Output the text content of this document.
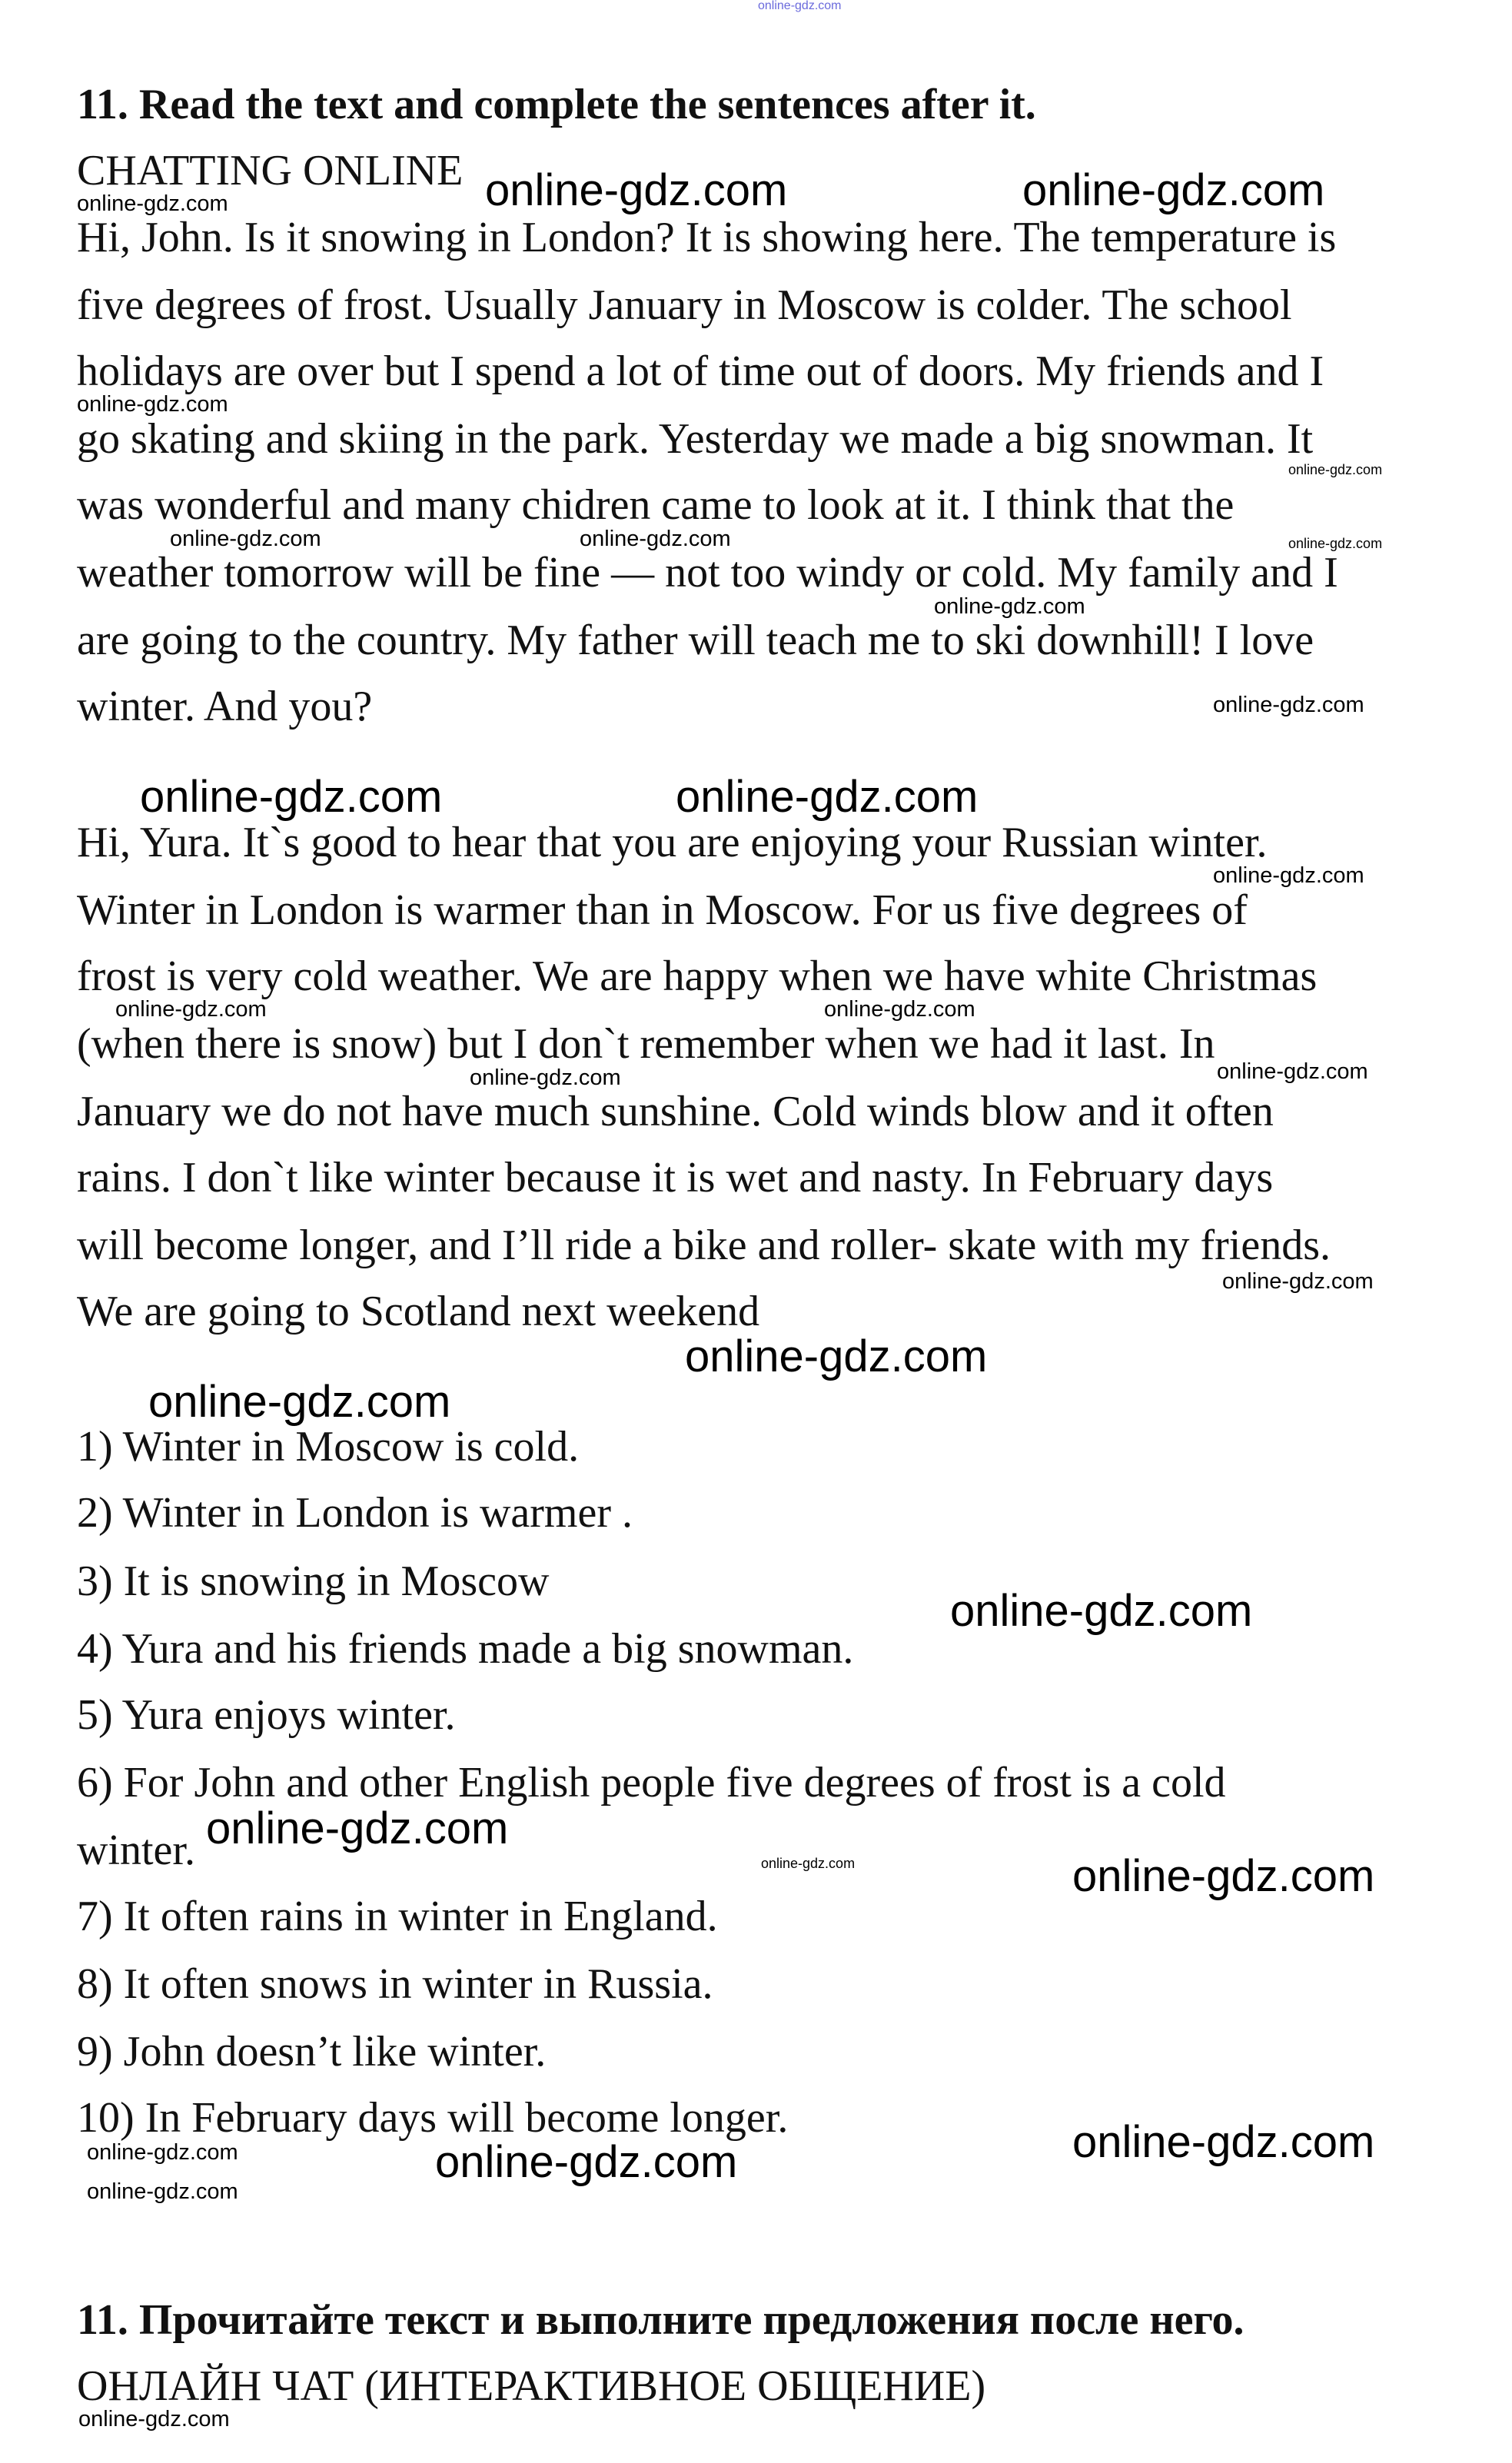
11. Read the text and complete the sentences after it.
CHATTING ONLINE
Hi, John. Is it snowing in London? It is showing here. The temperature is
five degrees of frost. Usually January in Moscow is colder. The school
holidays are over but I spend a lot of time out of doors. My friends and I
go skating and skiing in the park. Yesterday we made a big snowman. It
was wonderful and many chidren came to look at it. I think that the
weather tomorrow will be fine — not too windy or cold. My family and I
are going to the country. My father will teach me to ski downhill! I love
winter. And you?
Hi, Yura. It`s good to hear that you are enjoying your Russian winter.
Winter in London is warmer than in Moscow. For us five degrees of
frost is very cold weather. We are happy when we have white Christmas
(when there is snow) but I don`t remember when we had it last. In
January we do not have much sunshine. Cold winds blow and it often
rains. I don`t like winter because it is wet and nasty. In February days
will become longer, and I’ll ride a bike and roller- skate with my friends.
We are going to Scotland next weekend
1) Winter in Moscow is cold.
2) Winter in London is warmer .
3) It is snowing in Moscow
4) Yura and his friends made a big snowman.
5) Yura enjoys winter.
6) For John and other English people five degrees of frost is a cold
winter.
7) It often rains in winter in England.
8) It often snows in winter in Russia.
9) John doesn’t like winter.
10) In February days will become longer.
11. Прочитайте текст и выполните предложения после него.
ОНЛАЙН ЧАТ (ИНТЕРАКТИВНОЕ ОБЩЕНИЕ)
online-gdz.com
online-gdz.com	online-gdz.com
online-gdz.com
online-gdz.com
online-gdz.com
online-gdz.com	online-gdz.com
online-gdz.com
online-gdz.com
online-gdz.com
online-gdz.com	online-gdz.com
online-gdz.com
online-gdz.com
online-gdz.com
online-gdz.com
online-gdz.com
online-gdz.com
online-gdz.com
online-gdz.com
online-gdz.com
online-gdz.com
online-gdz.com	online-gdz.com
online-gdz.com	online-gdz.com	online-gdz.com
online-gdz.com
online-gdz.com
